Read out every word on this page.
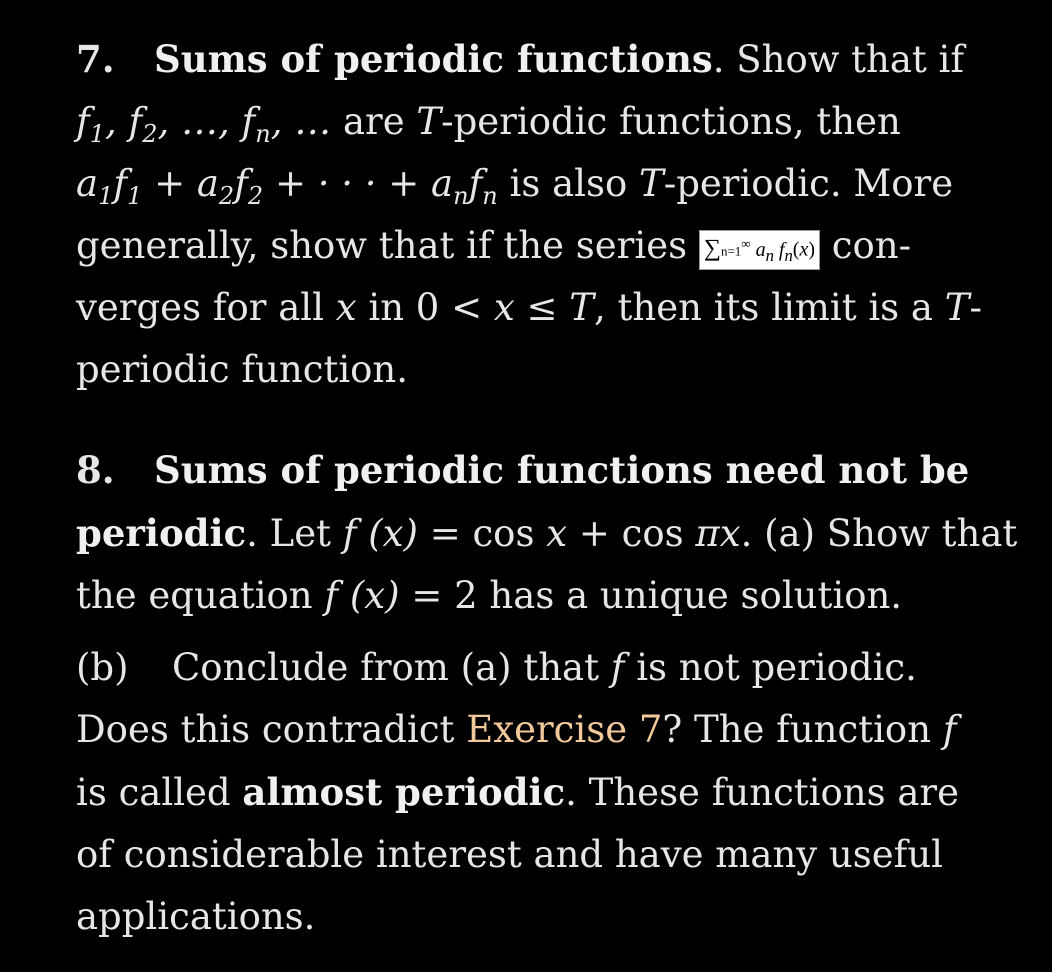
7. Sums of periodic functions. Show that if
$f_1$, $f_2$, …, $f_n$, … are T-periodic functions, then
$a_1f_1 + a_2f_2$ + · · · + $a_nf_n$ is also T-periodic. More
generally, show that if the series ∑n=1∞ $a_n$ $f_n(x)$ con-
verges for all x in 0 < x ≤ T, then its limit is a T-
periodic function.

8. Sums of periodic functions need not be
periodic. Let f (x) = cos x + cos πx. (a) Show that
the equation f (x) = 2 has a unique solution.

(b) Conclude from (a) that f is not periodic.
Does this contradict Exercise 7? The function f
is called almost periodic. These functions are
of considerable interest and have many useful
applications.
